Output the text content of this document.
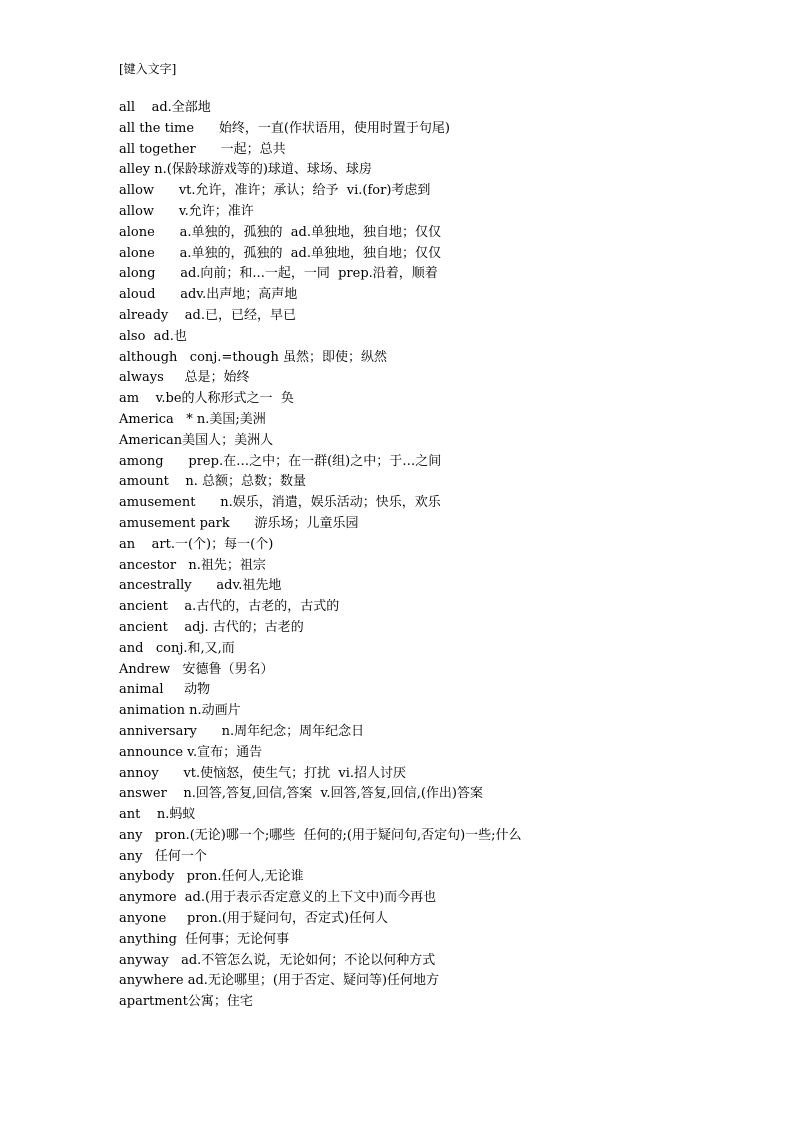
[键入文字]
all    ad.全部地
all the time      始终，一直(作状语用，使用时置于句尾)
all together      一起；总共
alley n.(保龄球游戏等的)球道、球场、球房
allow      vt.允许，准许；承认；给予  vi.(for)考虑到
allow      v.允许；准许
alone      a.单独的，孤独的  ad.单独地，独自地；仅仅
alone      a.单独的，孤独的  ad.单独地，独自地；仅仅
along      ad.向前；和...一起，一同  prep.沿着，顺着
aloud      adv.出声地；高声地
already    ad.已，已经，早已
also  ad.也
although   conj.=though 虽然；即使；纵然
always     总是；始终
am    v.be的人称形式之一  奂
America   * n.美国;美洲
American美国人；美洲人
among      prep.在…之中；在一群(组)之中；于…之间
amount    n. 总额；总数；数量
amusement      n.娱乐，消遣，娱乐活动；快乐，欢乐
amusement park      游乐场；儿童乐园
an    art.一(个)；每一(个)
ancestor   n.祖先；祖宗
ancestrally      adv.祖先地
ancient    a.古代的，古老的，古式的
ancient    adj. 古代的；古老的
and   conj.和,又,而
Andrew   安德鲁（男名）
animal     动物
animation n.动画片
anniversary      n.周年纪念；周年纪念日
announce v.宣布；通告
annoy      vt.使恼怒，使生气；打扰  vi.招人讨厌
answer    n.回答,答复,回信,答案  v.回答,答复,回信,(作出)答案
ant    n.蚂蚁
any   pron.(无论)哪一个;哪些  任何的;(用于疑问句,否定句)一些;什么
any   任何一个
anybody   pron.任何人,无论谁
anymore  ad.(用于表示否定意义的上下文中)而今再也
anyone     pron.(用于疑问句，否定式)任何人
anything  任何事；无论何事
anyway   ad.不管怎么说，无论如何；不论以何种方式
anywhere ad.无论哪里；(用于否定、疑问等)任何地方
apartment公寓；住宅
